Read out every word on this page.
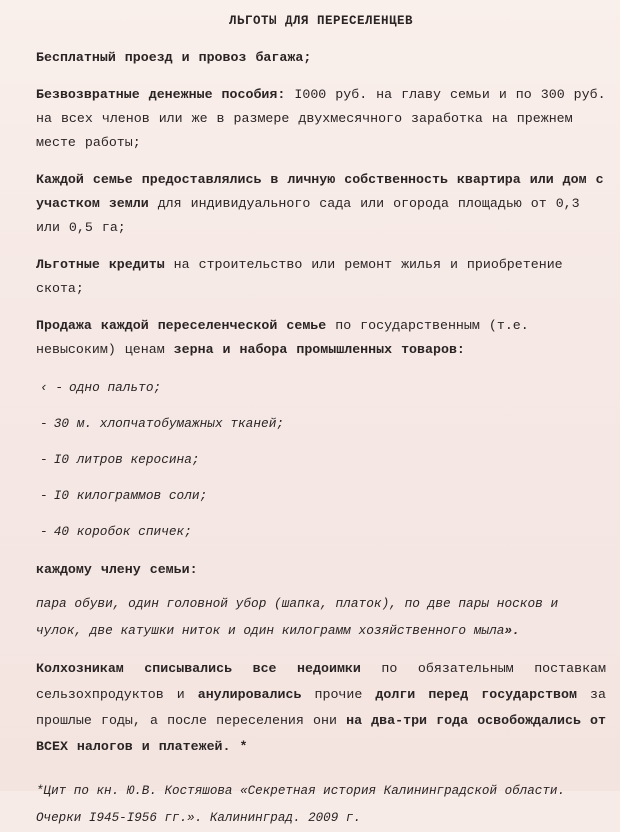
ЛЬГОТЫ ДЛЯ ПЕРЕСЕЛЕНЦЕВ
Бесплатный проезд и провоз багажа;
Безвозвратные денежные пособия: I000 руб. на главу семьи и по 300 руб. на всех членов или же в размере двухмесячного заработка на прежнем месте работы;
Каждой семье предоставлялись в личную собственность квартира или дом с участком земли для индивидуального сада или огорода площадью от 0,3 или 0,5 га;
Льготные кредиты на строительство или ремонт жилья и приобретение скота;
Продажа каждой переселенческой семье по государственным (т.е. невысоким) ценам зерна и набора промышленных товаров:
‹ - одно пальто;
- 30 м. хлопчатобумажных тканей;
- I0 литров керосина;
- I0 килограммов соли;
- 40 коробок спичек;
каждому члену семьи:
пара обуви, один головной убор (шапка, платок), по две пары носков и чулок, две катушки ниток и один килограмм хозяйственного мыла».
Колхозникам списывались все недоимки по обязательным поставкам сельзохпродуктов и анулировались прочие долги перед государством за прошлые годы, а после переселения они на два-три года освобождались от ВСЕХ налогов и платежей. *
*Цит по кн. Ю.В. Костяшова «Секретная история Калининградской области. Очерки I945-I956 гг.». Калининград. 2009 г.
